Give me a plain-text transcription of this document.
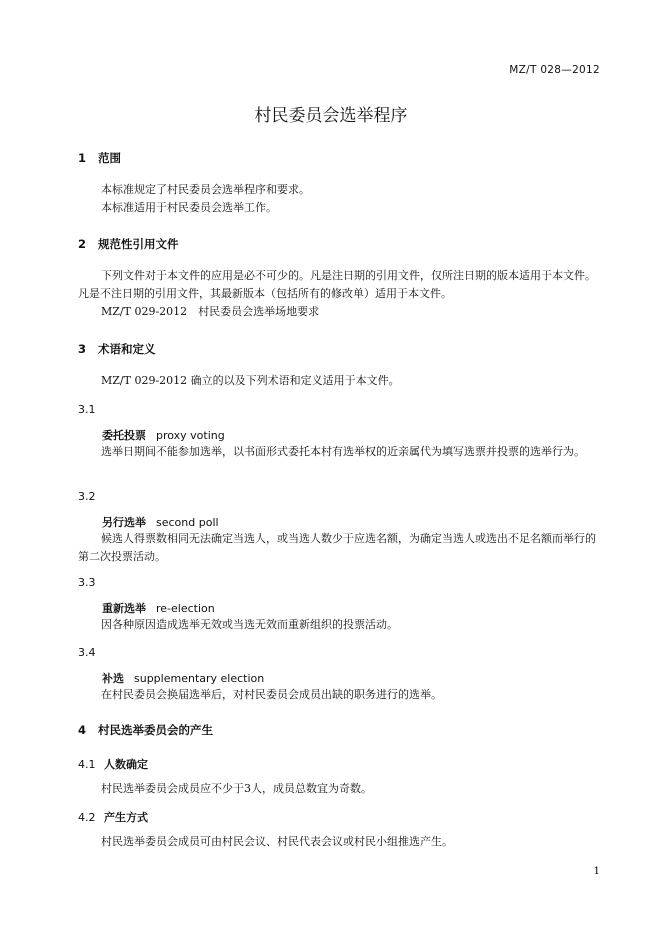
MZ/T 028—2012
村民委员会选举程序
1 范围
本标准规定了村民委员会选举程序和要求。
本标准适用于村民委员会选举工作。
2 规范性引用文件
下列文件对于本文件的应用是必不可少的。凡是注日期的引用文件，仅所注日期的版本适用于本文件。凡是不注日期的引用文件，其最新版本（包括所有的修改单）适用于本文件。
MZ/T 029-2012　村民委员会选举场地要求
3 术语和定义
MZ/T 029-2012 确立的以及下列术语和定义适用于本文件。
3.1
委托投票 proxy voting
选举日期间不能参加选举，以书面形式委托本村有选举权的近亲属代为填写选票并投票的选举行为。
3.2
另行选举 second poll
候选人得票数相同无法确定当选人，或当选人数少于应选名额，为确定当选人或选出不足名额而举行的第二次投票活动。
3.3
重新选举 re-election
因各种原因造成选举无效或当选无效而重新组织的投票活动。
3.4
补选 supplementary election
在村民委员会换届选举后，对村民委员会成员出缺的职务进行的选举。
4 村民选举委员会的产生
4.1 人数确定
村民选举委员会成员应不少于3人，成员总数宜为奇数。
4.2 产生方式
村民选举委员会成员可由村民会议、村民代表会议或村民小组推选产生。
1
